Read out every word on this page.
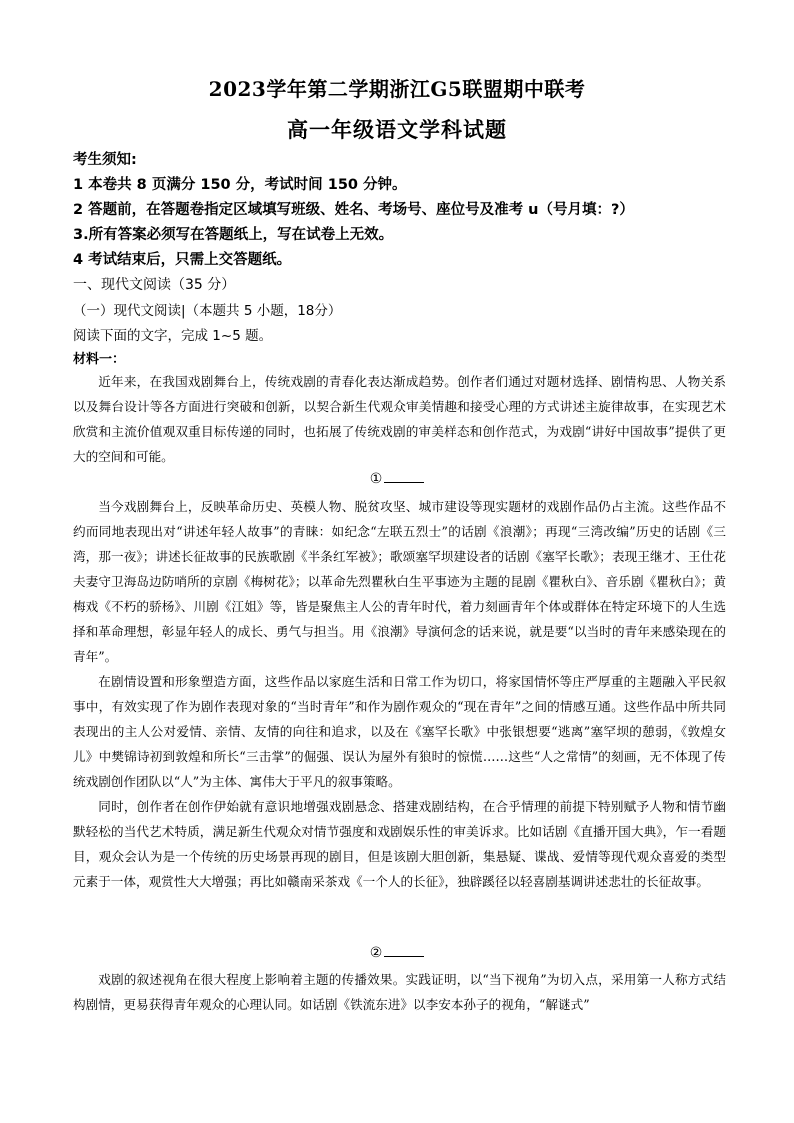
2023学年第二学期浙江G5联盟期中联考
高一年级语文学科试题
考生须知:
1 本卷共 8 页满分 150 分，考试时间 150 分钟。
2 答题前，在答题卷指定区域填写班级、姓名、考场号、座位号及准考 u（号月填：?）
3.所有答案必须写在答题纸上，写在试卷上无效。
4 考试结束后，只需上交答题纸。
一、现代文阅读（35 分）
（一）现代文阅读|（本题共 5 小题，18分）
阅读下面的文字，完成 1~5 题。
材料一：

近年来，在我国戏剧舞台上，传统戏剧的青春化表达渐成趋势。创作者们通过对题材选择、剧情构思、人物关系以及舞台设计等各方面进行突破和创新，以契合新生代观众审美情趣和接受心理的方式讲述主旋律故事，在实现艺术欣赏和主流价值观双重目标传递的同时，也拓展了传统戏剧的审美样态和创作范式，为戏剧“讲好中国故事”提供了更大的空间和可能。

①

当今戏剧舞台上，反映革命历史、英模人物、脱贫攻坚、城市建设等现实题材的戏剧作品仍占主流。这些作品不约而同地表现出对“讲述年轻人故事”的青睐：如纪念“左联五烈士”的话剧《浪潮》；再现“三湾改编”历史的话剧《三湾，那一夜》；讲述长征故事的民族歌剧《半条红军被》；歌颂塞罕坝建设者的话剧《塞罕长歌》；表现王继才、王仕花夫妻守卫海岛边防哨所的京剧《梅树花》；以革命先烈瞿秋白生平事迹为主题的昆剧《瞿秋白》、音乐剧《瞿秋白》；黄梅戏《不朽的骄杨》、川剧《江姐》等，皆是聚焦主人公的青年时代，着力刻画青年个体或群体在特定环境下的人生选择和革命理想，彰显年轻人的成长、勇气与担当。用《浪潮》导演何念的话来说，就是要“以当时的青年来感染现在的青年”。

在剧情设置和形象塑造方面，这些作品以家庭生活和日常工作为切口，将家国情怀等庄严厚重的主题融入平民叙事中，有效实现了作为剧作表现对象的“当时青年”和作为剧作观众的“现在青年”之间的情感互通。这些作品中所共同表现出的主人公对爱情、亲情、友情的向往和追求，以及在《塞罕长歌》中张银想要“逃离”塞罕坝的憩弱，《敦煌女儿》中樊锦诗初到敦煌和所长“三击掌”的倔强、误认为屋外有狼时的惊慌……这些“人之常情”的刻画，无不体现了传统戏剧创作团队以“人”为主体、寓伟大于平凡的叙事策略。

同时，创作者在创作伊始就有意识地增强戏剧悬念、搭建戏剧结构，在合乎情理的前提下特别赋予人物和情节幽默轻松的当代艺术特质，满足新生代观众对情节强度和戏剧娱乐性的审美诉求。比如话剧《直播开国大典》，乍一看题目，观众会认为是一个传统的历史场景再现的剧目，但是该剧大胆创新，集悬疑、谍战、爱情等现代观众喜爱的类型元素于一体，观赏性大大增强；再比如赣南采茶戏《一个人的长征》，独辟蹊径以轻喜剧基调讲述悲壮的长征故事。

②

戏剧的叙述视角在很大程度上影响着主题的传播效果。实践证明，以“当下视角”为切入点，采用第一人称方式结构剧情，更易获得青年观众的心理认同。如话剧《铁流东进》以李安本孙子的视角，“解谜式”
